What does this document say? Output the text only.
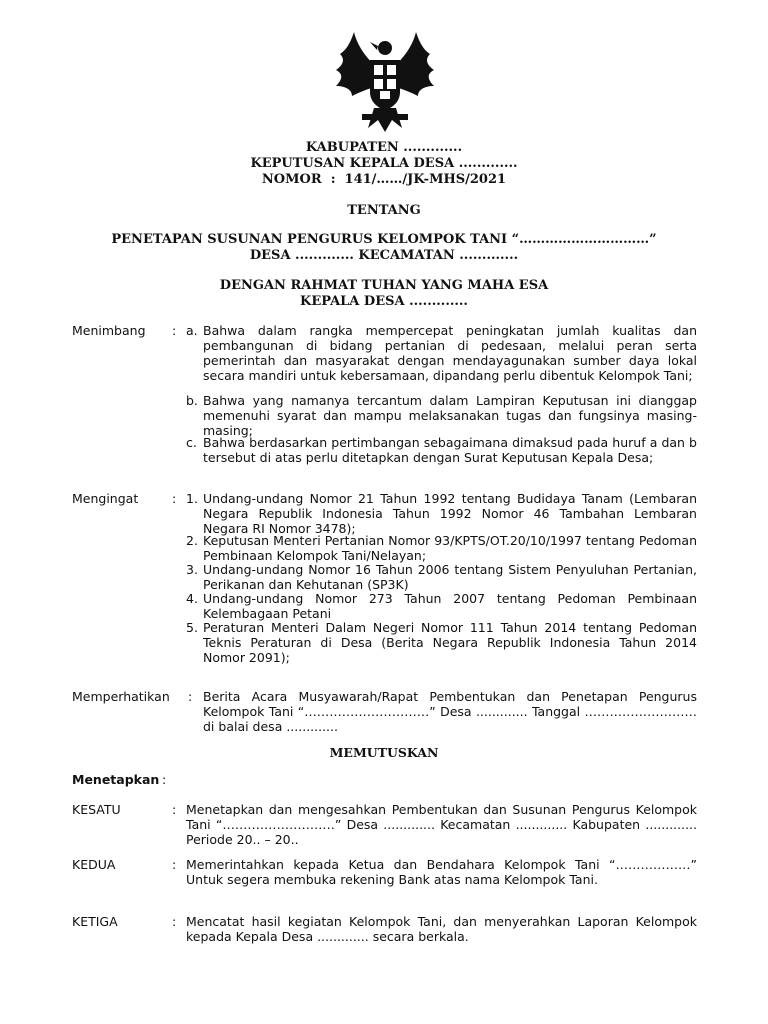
KABUPATEN .............
KEPUTUSAN KEPALA DESA .............
NOMOR  :  141/……/JK-MHS/2021
TENTANG
PENETAPAN SUSUNAN PENGURUS KELOMPOK TANI “…………………………”
DESA ............. KECAMATAN .............
DENGAN RAHMAT TUHAN YANG MAHA ESA
KEPALA DESA .............
Menimbang : a. Bahwa dalam rangka mempercepat peningkatan jumlah kualitas dan pembangunan di bidang pertanian di pedesaan, melalui peran serta pemerintah dan masyarakat dengan mendayagunakan sumber daya lokal secara mandiri untuk kebersamaan, dipandang perlu dibentuk Kelompok Tani;
b. Bahwa yang namanya tercantum dalam Lampiran Keputusan ini dianggap memenuhi syarat dan mampu melaksanakan tugas dan fungsinya masing-masing;
c. Bahwa berdasarkan pertimbangan sebagaimana dimaksud pada huruf a dan b tersebut di atas perlu ditetapkan dengan Surat Keputusan Kepala Desa;
Mengingat	: 1. Undang-undang Nomor 21 Tahun 1992 tentang Budidaya Tanam (Lembaran Negara Republik Indonesia Tahun 1992 Nomor 46 Tambahan Lembaran Negara RI Nomor 3478);
2. Keputusan Menteri Pertanian Nomor 93/KPTS/OT.20/10/1997 tentang Pedoman Pembinaan Kelompok Tani/Nelayan;
3. Undang-undang Nomor 16 Tahun 2006 tentang Sistem Penyuluhan Pertanian, Perikanan dan Kehutanan (SP3K)
4. Undang-undang Nomor 273 Tahun 2007 tentang Pedoman Pembinaan Kelembagaan Petani
5. Peraturan Menteri Dalam Negeri Nomor 111 Tahun 2014 tentang Pedoman Teknis Peraturan di Desa (Berita Negara Republik Indonesia Tahun 2014 Nomor 2091);
Memperhatikan : Berita Acara Musyawarah/Rapat Pembentukan dan Penetapan Pengurus Kelompok Tani “…………………………” Desa ............. Tanggal ……………………… di balai desa .............
MEMUTUSKAN
Menetapkan :
KESATU	: Menetapkan dan mengesahkan Pembentukan dan Susunan Pengurus Kelompok Tani “………………………” Desa ............. Kecamatan ............. Kabupaten ............. Periode 20.. – 20..
KEDUA	: Memerintahkan kepada Ketua dan Bendahara Kelompok Tani “………………” Untuk segera membuka rekening Bank atas nama Kelompok Tani.
KETIGA	: Mencatat hasil kegiatan Kelompok Tani, dan menyerahkan Laporan Kelompok kepada Kepala Desa ............. secara berkala.
